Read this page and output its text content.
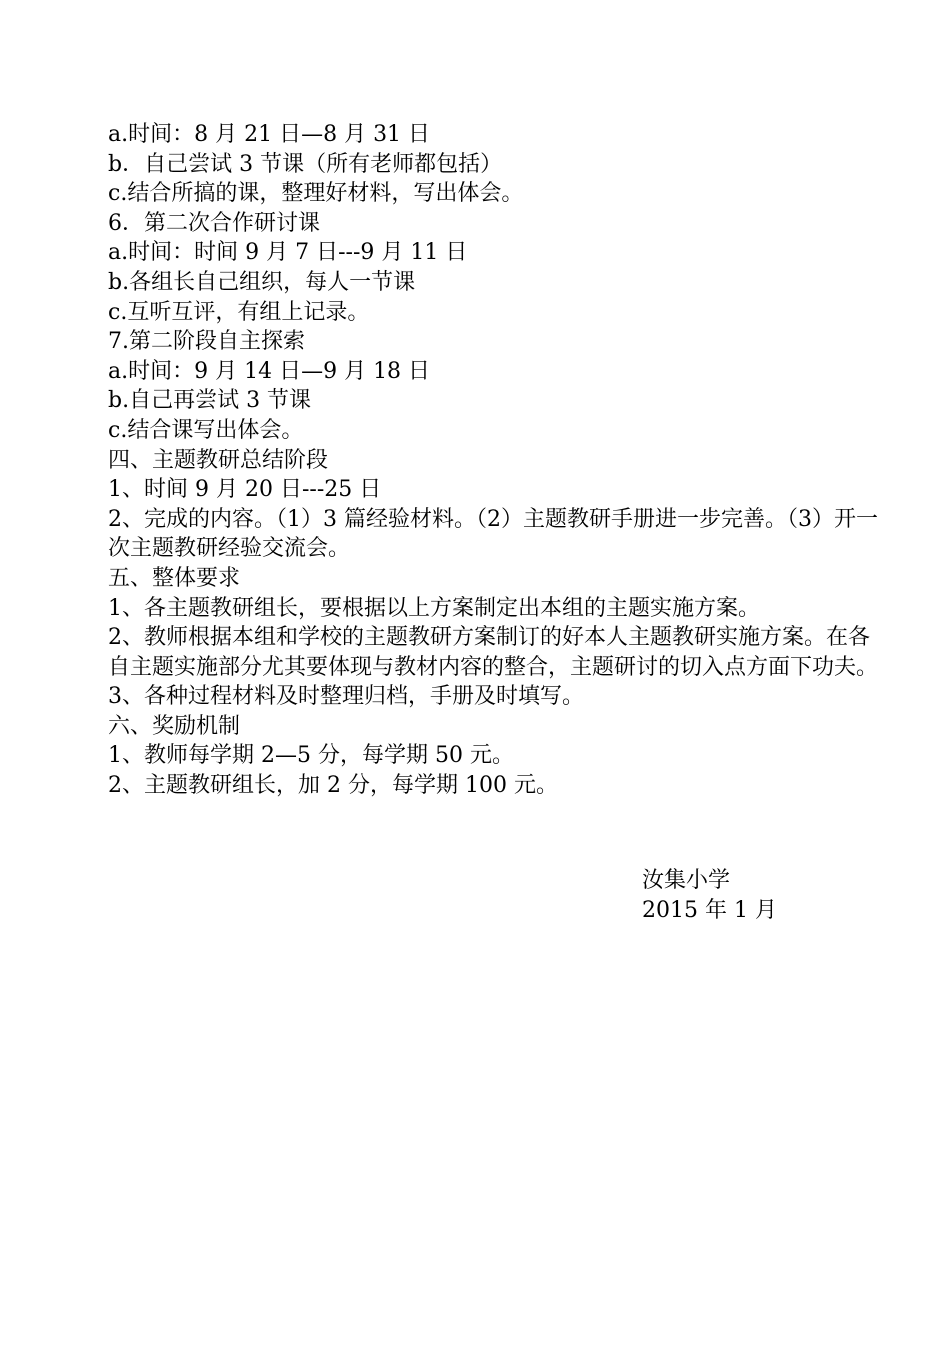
a.时间：8 月 21 日—8 月 31 日
b．自己尝试 3 节课（所有老师都包括）
c.结合所搞的课，整理好材料，写出体会。
6．第二次合作研讨课
a.时间：时间 9 月 7 日---9 月 11 日
b.各组长自己组织，每人一节课
c.互听互评，有组上记录。
7.第二阶段自主探索
a.时间：9 月 14 日—9 月 18 日
b.自己再尝试 3 节课
c.结合课写出体会。
四、主题教研总结阶段
1、时间 9 月 20 日---25 日
2、完成的内容。（1）3 篇经验材料。（2）主题教研手册进一步完善。（3）开一次主题教研经验交流会。
五、整体要求
1、各主题教研组长，要根据以上方案制定出本组的主题实施方案。
2、教师根据本组和学校的主题教研方案制订的好本人主题教研实施方案。在各自主题实施部分尤其要体现与教材内容的整合，主题研讨的切入点方面下功夫。
3、各种过程材料及时整理归档，手册及时填写。
六、奖励机制
1、教师每学期 2—5 分，每学期 50 元。
2、主题教研组长，加 2 分，每学期 100 元。
汝集小学
2015 年 1 月
